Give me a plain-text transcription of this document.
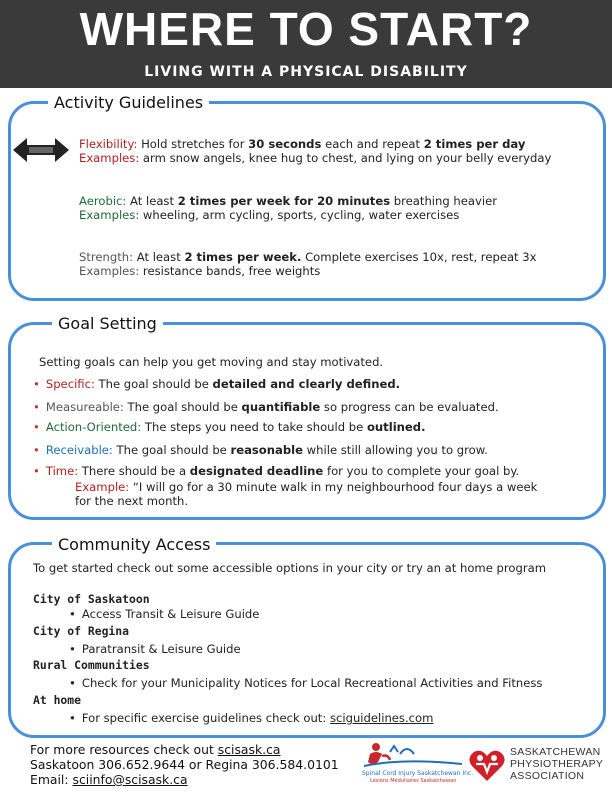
WHERE TO START?
LIVING WITH A PHYSICAL DISABILITY
Activity Guidelines
Flexibility: Hold stretches for 30 seconds each and repeat 2 times per day
Examples: arm snow angels, knee hug to chest, and lying on your belly everyday
Aerobic: At least 2 times per week for 20 minutes breathing heavier
Examples: wheeling, arm cycling, sports, cycling, water exercises
Strength: At least 2 times per week. Complete exercises 10x, rest, repeat 3x
Examples: resistance bands, free weights
Goal Setting
Setting goals can help you get moving and stay motivated.
• Specific: The goal should be detailed and clearly defined.
• Measureable: The goal should be quantifiable so progress can be evaluated.
• Action-Oriented: The steps you need to take should be outlined.
• Receivable: The goal should be reasonable while still allowing you to grow.
• Time: There should be a designated deadline for you to complete your goal by.
Example: “I will go for a 30 minute walk in my neighbourhood four days a week
for the next month.
Community Access
To get started check out some accessible options in your city or try an at home program
City of Saskatoon
• Access Transit & Leisure Guide
City of Regina
• Paratransit & Leisure Guide
Rural Communities
• Check for your Municipality Notices for Local Recreational Activities and Fitness
At home
• For specific exercise guidelines check out: sciguidelines.com
For more resources check out scisask.ca
Saskatoon 306.652.9644 or Regina 306.584.0101
Email: sciinfo@scisask.ca	Spinal Cord Injury Saskatchewan Inc.
Lésions Médullaires Saskatchewan
SASKATCHEWAN
PHYSIOTHERAPY
ASSOCIATION
